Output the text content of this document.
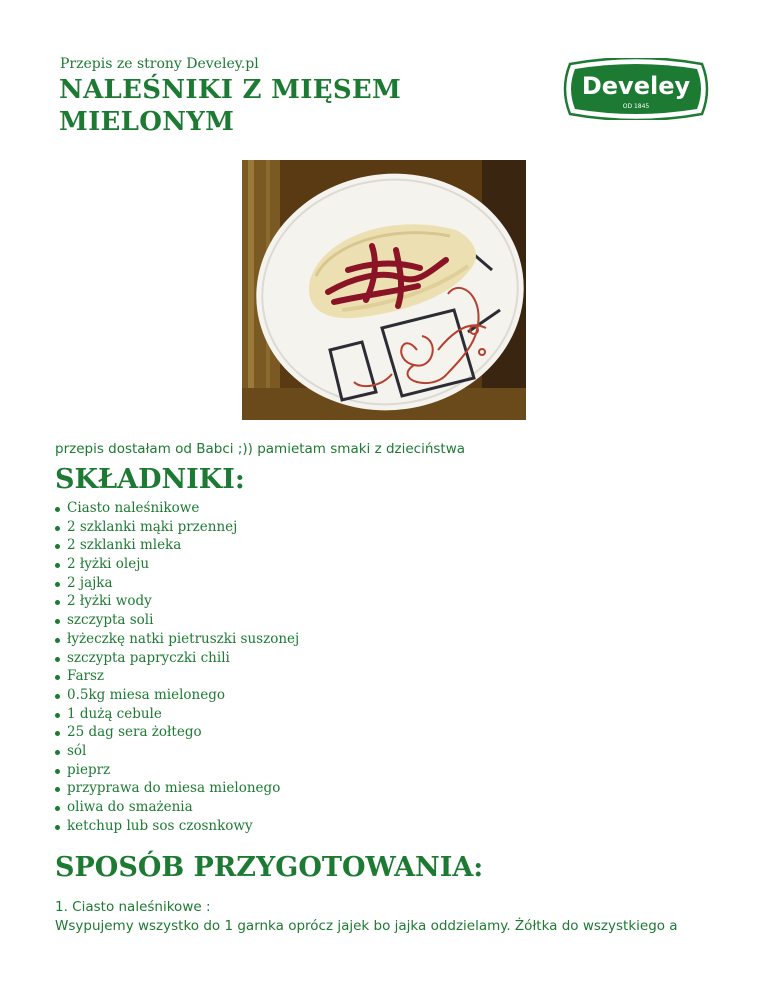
Przepis ze strony Develey.pl
NALEŚNIKI Z MIĘSEM MIELONYM
Develey
OD 1845
przepis dostałam od Babci ;)) pamietam smaki z dzieciństwa
SKŁADNIKI:
Ciasto naleśnikowe
2 szklanki mąki przennej
2 szklanki mleka
2 łyżki oleju
2 jajka
2 łyżki wody
szczypta soli
łyżeczkę natki pietruszki suszonej
szczypta papryczki chili
Farsz
0.5kg miesa mielonego
1 dużą cebule
25 dag sera żołtego
sól
pieprz
przyprawa do miesa mielonego
oliwa do smażenia
ketchup lub sos czosnkowy
SPOSÓB PRZYGOTOWANIA:
1. Ciasto naleśnikowe :
Wsypujemy wszystko do 1 garnka oprócz jajek bo jajka oddzielamy. Żółtka do wszystkiego a
